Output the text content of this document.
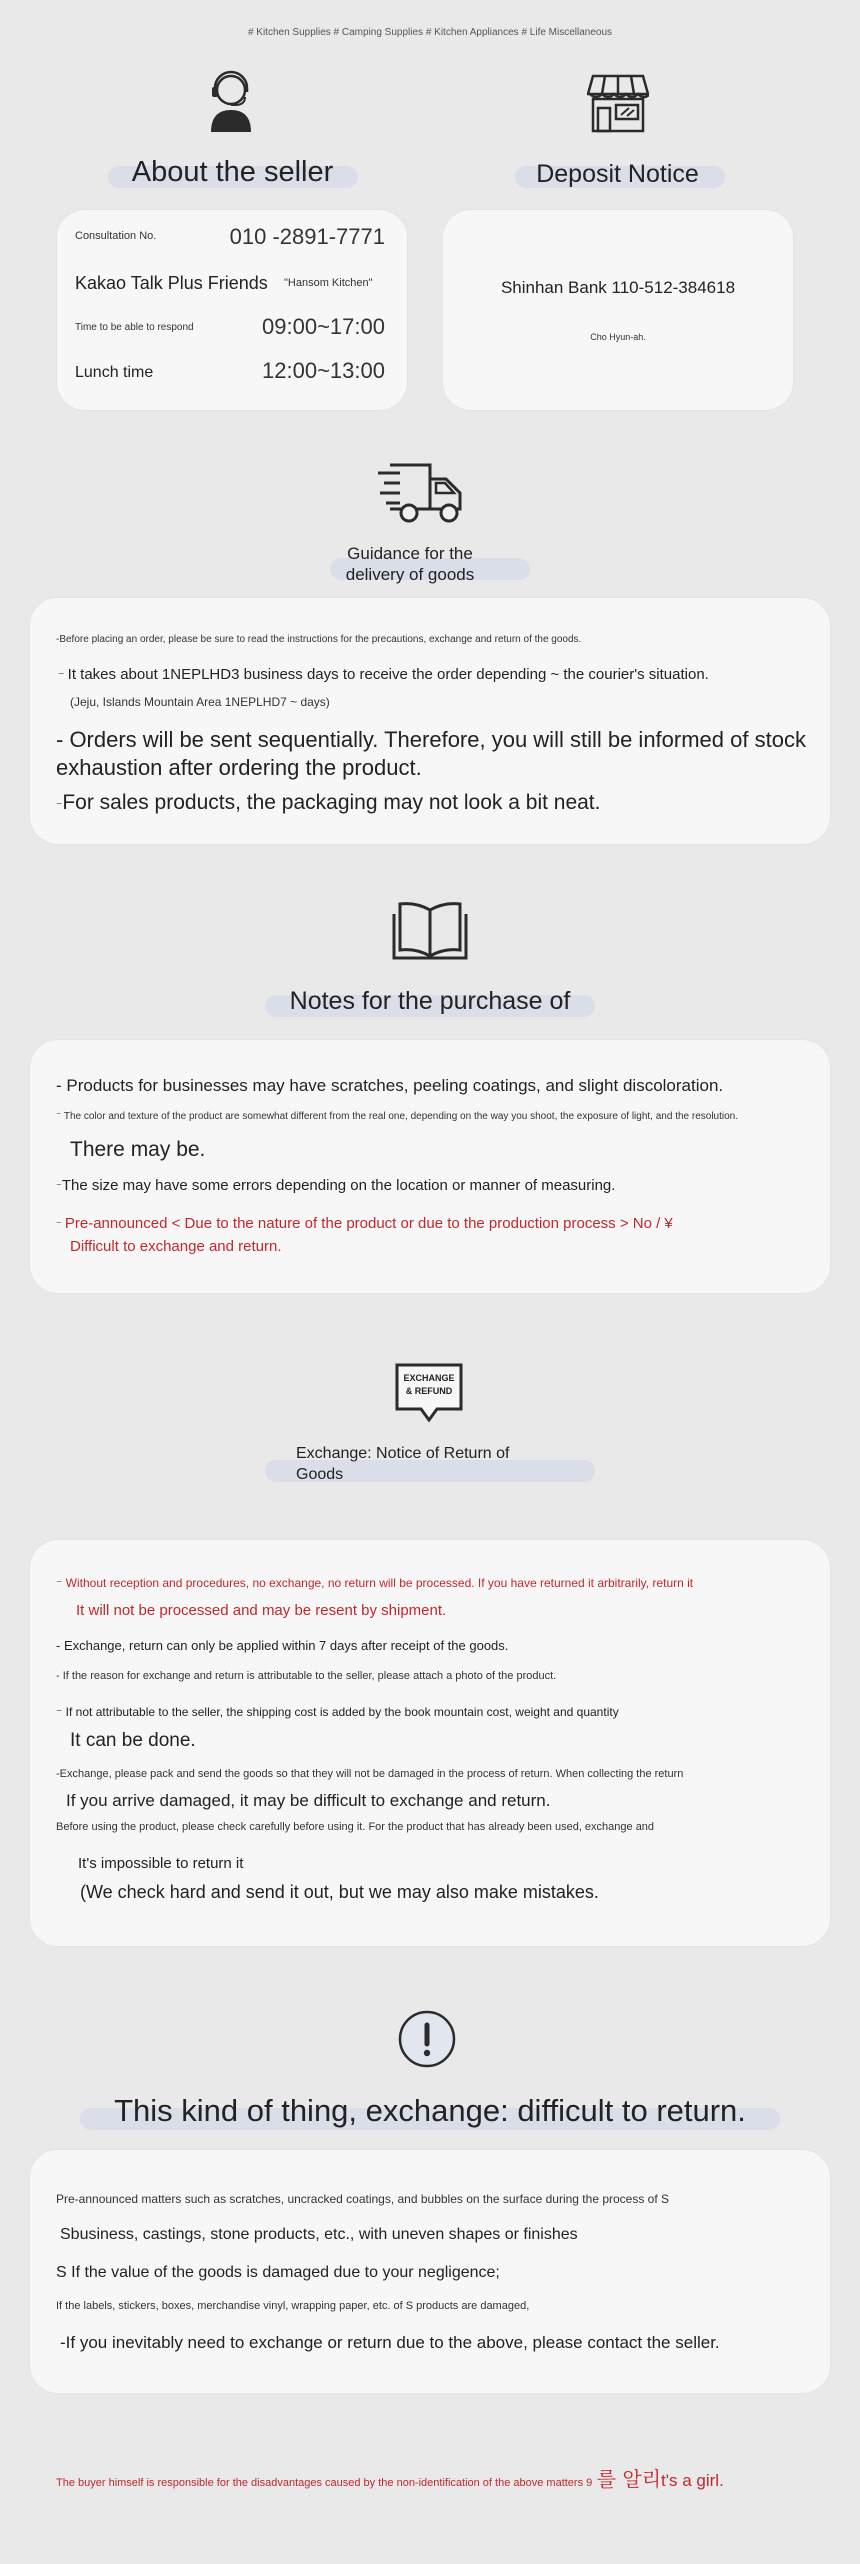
# Kitchen Supplies # Camping Supplies # Kitchen Appliances # Life Miscellaneous
About the seller
Consultation No.	010 -2891-7771
Kakao Talk Plus Friends "Hansom Kitchen"
Time to be able to respond	09:00~17:00
Lunch time	12:00~13:00
Deposit Notice
Shinhan Bank 110-512-384618
Cho Hyun-ah.
Guidance for the
delivery of goods
-Before placing an order, please be sure to read the instructions for the precautions, exchange and return of the goods.
⁻ It takes about 1NEPLHD3 business days to receive the order depending ~ the courier's situation.
(Jeju, Islands Mountain Area 1NEPLHD7 ~ days)
- Orders will be sent sequentially. Therefore, you will still be informed of stock exhaustion after ordering the product.
⁻For sales products, the packaging may not look a bit neat.
Notes for the purchase of
- Products for businesses may have scratches, peeling coatings, and slight discoloration.
⁻ The color and texture of the product are somewhat different from the real one, depending on the way you shoot, the exposure of light, and the resolution.
There may be.
⁻The size may have some errors depending on the location or manner of measuring.
⁻ Pre-announced < Due to the nature of the product or due to the production process > No / ¥
Difficult to exchange and return.
EXCHANGE
& REFUND
Exchange: Notice of Return of
Goods
⁻ Without reception and procedures, no exchange, no return will be processed. If you have returned it arbitrarily, return it
It will not be processed and may be resent by shipment.
- Exchange, return can only be applied within 7 days after receipt of the goods.
- If the reason for exchange and return is attributable to the seller, please attach a photo of the product.
⁻ If not attributable to the seller, the shipping cost is added by the book mountain cost, weight and quantity
It can be done.
-Exchange, please pack and send the goods so that they will not be damaged in the process of return. When collecting the return
If you arrive damaged, it may be difficult to exchange and return.
Before using the product, please check carefully before using it. For the product that has already been used, exchange and
It's impossible to return it
(We check hard and send it out, but we may also make mistakes.
This kind of thing, exchange: difficult to return.
Pre-announced matters such as scratches, uncracked coatings, and bubbles on the surface during the process of S
Sbusiness, castings, stone products, etc., with uneven shapes or finishes
S If the value of the goods is damaged due to your negligence;
If the labels, stickers, boxes, merchandise vinyl, wrapping paper, etc. of S products are damaged,
-If you inevitably need to exchange or return due to the above, please contact the seller.
The buyer himself is responsible for the disadvantages caused by the non-identification of the above matters 9 를 알리t's a girl.
